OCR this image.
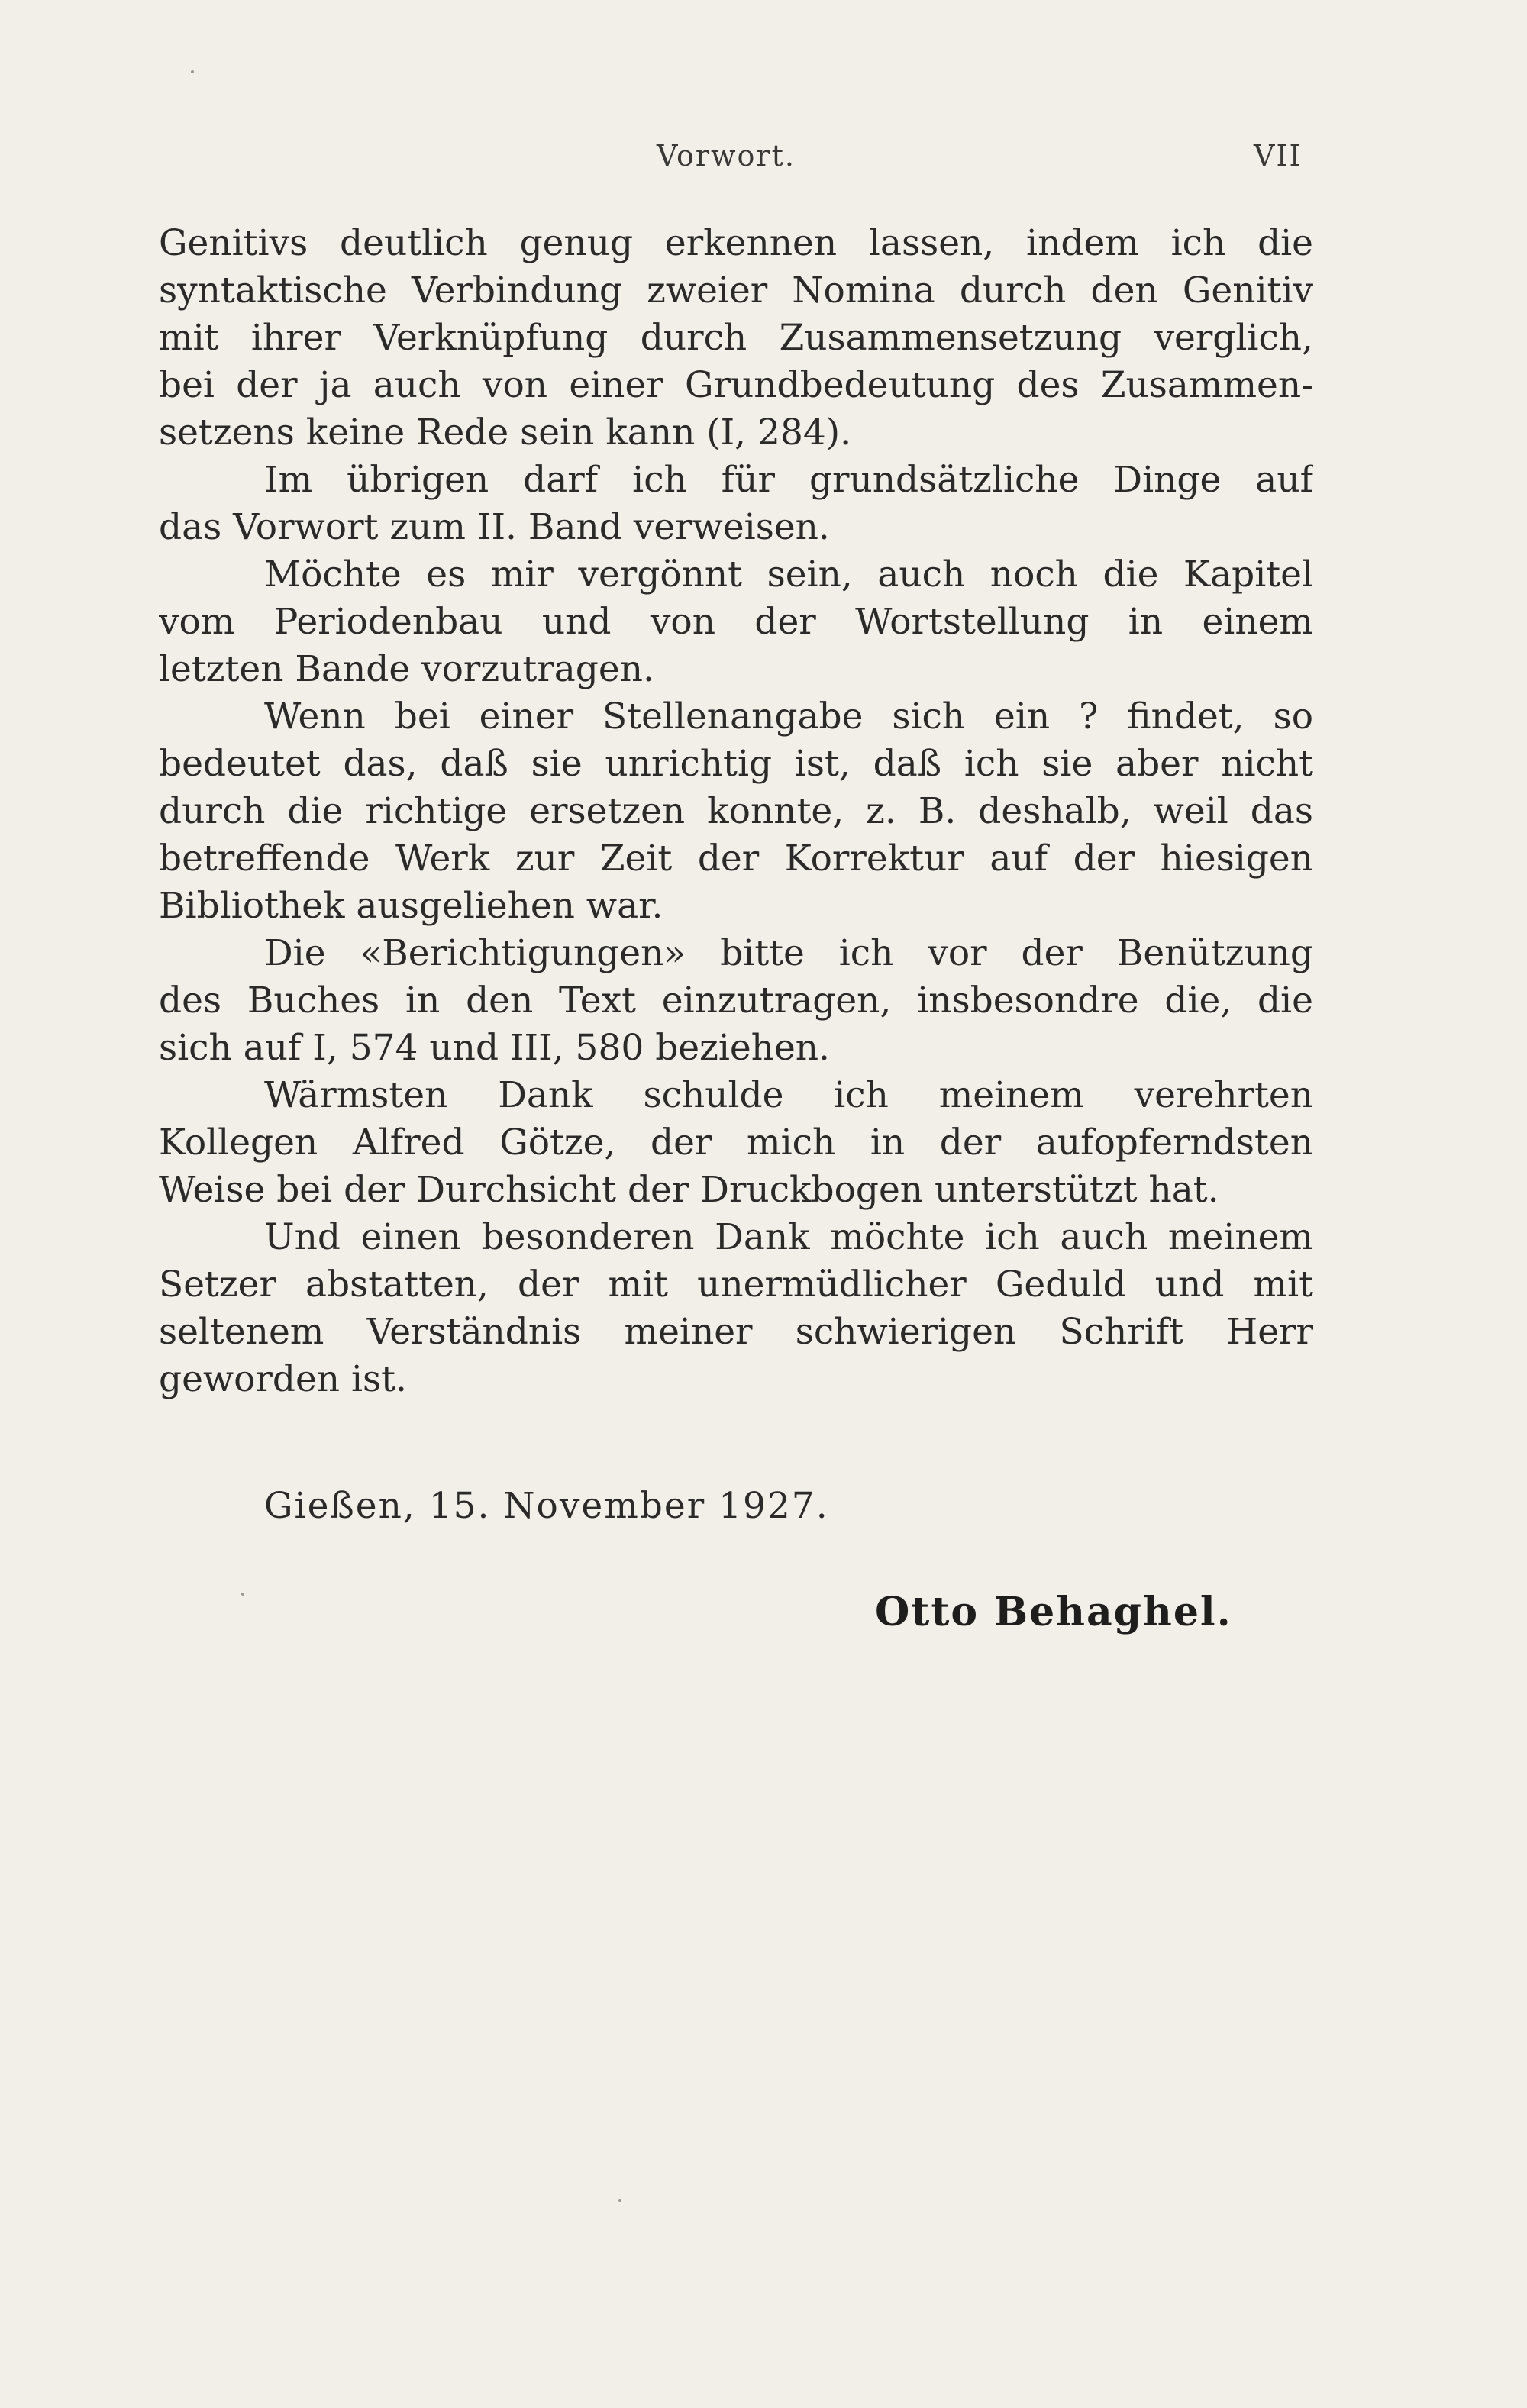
Vorwort.	VII
Genitivs deutlich genug erkennen lassen, indem ich die
syntaktische Verbindung zweier Nomina durch den Genitiv
mit ihrer Verknüpfung durch Zusammensetzung verglich,
bei der ja auch von einer Grundbedeutung des Zusammen-
setzens keine Rede sein kann (I, 284).
Im übrigen darf ich für grundsätzliche Dinge auf
das Vorwort zum II. Band verweisen.
Möchte es mir vergönnt sein, auch noch die Kapitel
vom Periodenbau und von der Wortstellung in einem
letzten Bande vorzutragen.
Wenn bei einer Stellenangabe sich ein ? findet, so
bedeutet das, daß sie unrichtig ist, daß ich sie aber nicht
durch die richtige ersetzen konnte, z. B. deshalb, weil das
betreffende Werk zur Zeit der Korrektur auf der hiesigen
Bibliothek ausgeliehen war.
Die «Berichtigungen» bitte ich vor der Benützung
des Buches in den Text einzutragen, insbesondre die, die
sich auf I, 574 und III, 580 beziehen.
Wärmsten Dank schulde ich meinem verehrten
Kollegen Alfred Götze, der mich in der aufopferndsten
Weise bei der Durchsicht der Druckbogen unterstützt hat.
Und einen besonderen Dank möchte ich auch meinem
Setzer abstatten, der mit unermüdlicher Geduld und mit
seltenem Verständnis meiner schwierigen Schrift Herr
geworden ist.
Gießen, 15. November 1927.
Otto Behaghel.
